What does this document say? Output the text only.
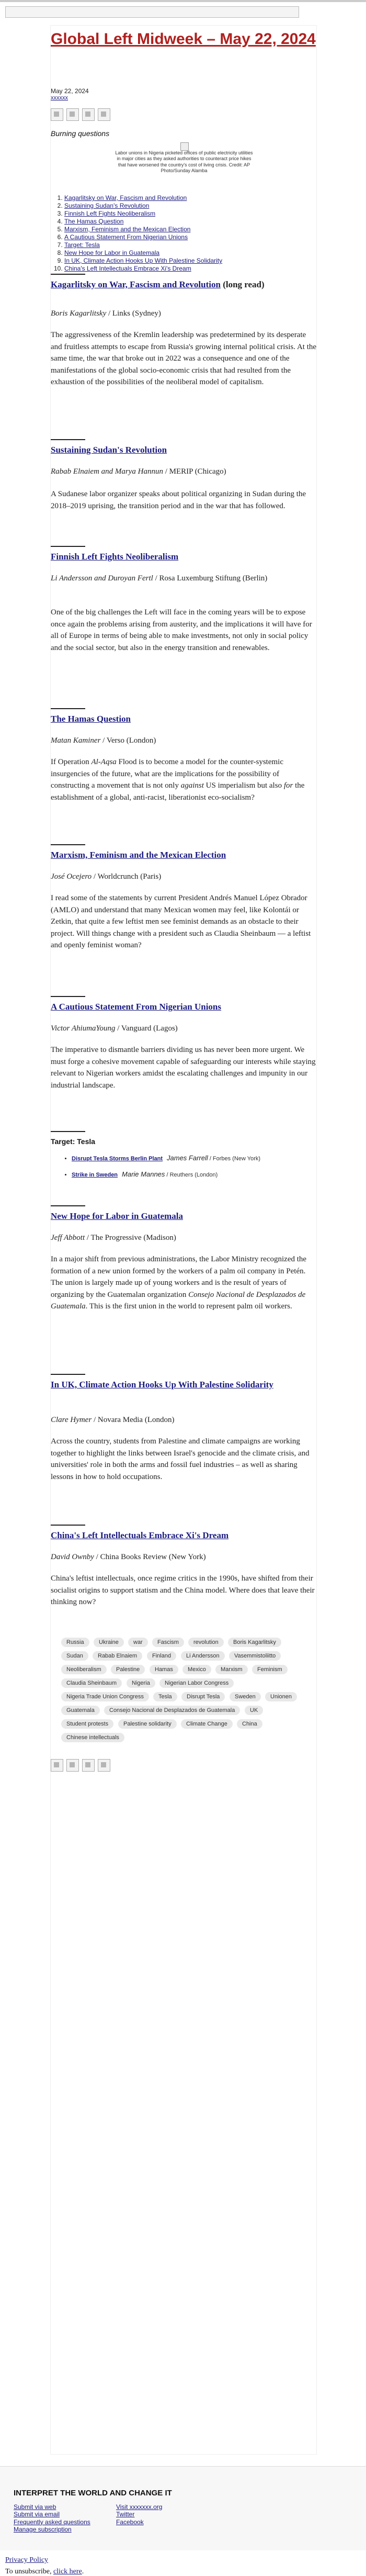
Global Left Midweek – May 22, 2024
May 22, 2024
xxxxxx
Burning questions
Labor unions in Nigeria picketed offices of public electricity utilities in major cities as they asked authorities to counteract price hikes that have worsened the country's cost of living crisis. Credit: AP Photo/Sunday Alamba
1. Kagarlitsky on War, Fascism and Revolution
2. Sustaining Sudan's Revolution
3. Finnish Left Fights Neoliberalism
4. The Hamas Question
5. Marxism, Feminism and the Mexican Election
6. A Cautious Statement From Nigerian Unions
7. Target: Tesla
8. New Hope for Labor in Guatemala
9. In UK, Climate Action Hooks Up With Palestine Solidarity
10. China's Left Intellectuals Embrace Xi's Dream
Kagarlitsky on War, Fascism and Revolution (long read)
Boris Kagarlitsky / Links (Sydney)

The aggressiveness of the Kremlin leadership was predetermined by its desperate and fruitless attempts to escape from Russia's growing internal political crisis. At the same time, the war that broke out in 2022 was a consequence and one of the manifestations of the global socio-economic crisis that had resulted from the exhaustion of the possibilities of the neoliberal model of capitalism.

Sustaining Sudan's Revolution
Rabab Elnaiem and Marya Hannun / MERIP (Chicago)

A Sudanese labor organizer speaks about political organizing in Sudan during the 2018–2019 uprising, the transition period and in the war that has followed.

Finnish Left Fights Neoliberalism
Li Andersson and Duroyan Fertl / Rosa Luxemburg Stiftung (Berlin)

One of the big challenges the Left will face in the coming years will be to expose once again the problems arising from austerity, and the implications it will have for all of Europe in terms of being able to make investments, not only in social policy and the social sector, but also in the energy transition and renewables.

The Hamas Question
Matan Kaminer / Verso (London)

If Operation Al-Aqsa Flood is to become a model for the counter-systemic insurgencies of the future, what are the implications for the possibility of constructing a movement that is not only against US imperialism but also for the establishment of a global, anti-racist, liberationist eco-socialism?

Marxism, Feminism and the Mexican Election
José Ocejero / Worldcrunch (Paris)

I read some of the statements by current President Andrés Manuel López Obrador (AMLO) and understand that many Mexican women may feel, like Kolontái or Zetkin, that quite a few leftist men see feminist demands as an obstacle to their project. Will things change with a president such as Claudia Sheinbaum — a leftist and openly feminist woman?

A Cautious Statement From Nigerian Unions
Victor AhiumaYoung / Vanguard (Lagos)

The imperative to dismantle barriers dividing us has never been more urgent. We must forge a cohesive movement capable of safeguarding our interests while staying relevant to Nigerian workers amidst the escalating challenges and impunity in our industrial landscape.

Target: Tesla
• Disrupt Tesla Storms Berlin Plant James Farrell / Forbes (New York)
• Strike in Sweden Marie Mannes / Reuthers (London)
New Hope for Labor in Guatemala
Jeff Abbott / The Progressive (Madison)

In a major shift from previous administrations, the Labor Ministry recognized the formation of a new union formed by the workers of a palm oil company in Petén. The union is largely made up of young workers and is the result of years of organizing by the Guatemalan organization Consejo Nacional de Desplazados de Guatemala. This is the first union in the world to represent palm oil workers.

In UK, Climate Action Hooks Up With Palestine Solidarity
Clare Hymer / Novara Media (London)

Across the country, students from Palestine and climate campaigns are working together to highlight the links between Israel's genocide and the climate crisis, and universities' role in both the arms and fossil fuel industries – as well as sharing lessons in how to hold occupations.

China's Left Intellectuals Embrace Xi's Dream
David Ownby / China Books Review (New York)

China's leftist intellectuals, once regime critics in the 1990s, have shifted from their socialist origins to support statism and the China model. Where does that leave their thinking now?

Russia	Ukraine	war	Fascism	revolution	Boris Kagarlitsky
Sudan	Rabab Elnaiem	Finland	Li Andersson	Vasemmistoliitto
Neoliberalism	Palestine	Hamas	Mexico	Marxism	Feminism
Claudia Sheinbaum	Nigeria	Nigerian Labor Congress
Nigeria Trade Union Congress	Tesla	Disrupt Tesla	Sweden	Unionen
Guatemala	Consejo Nacional de Desplazados de Guatemala	UK
Student protests	Palestine solidarity	Climate Change	China
Chinese intellectuals
INTERPRET THE WORLD AND CHANGE IT
Submit via web
Submit via email
Frequently asked questions
Manage subscription
Visit xxxxxxx.org
Twitter
Facebook
Privacy Policy
To unsubscribe, click here.
